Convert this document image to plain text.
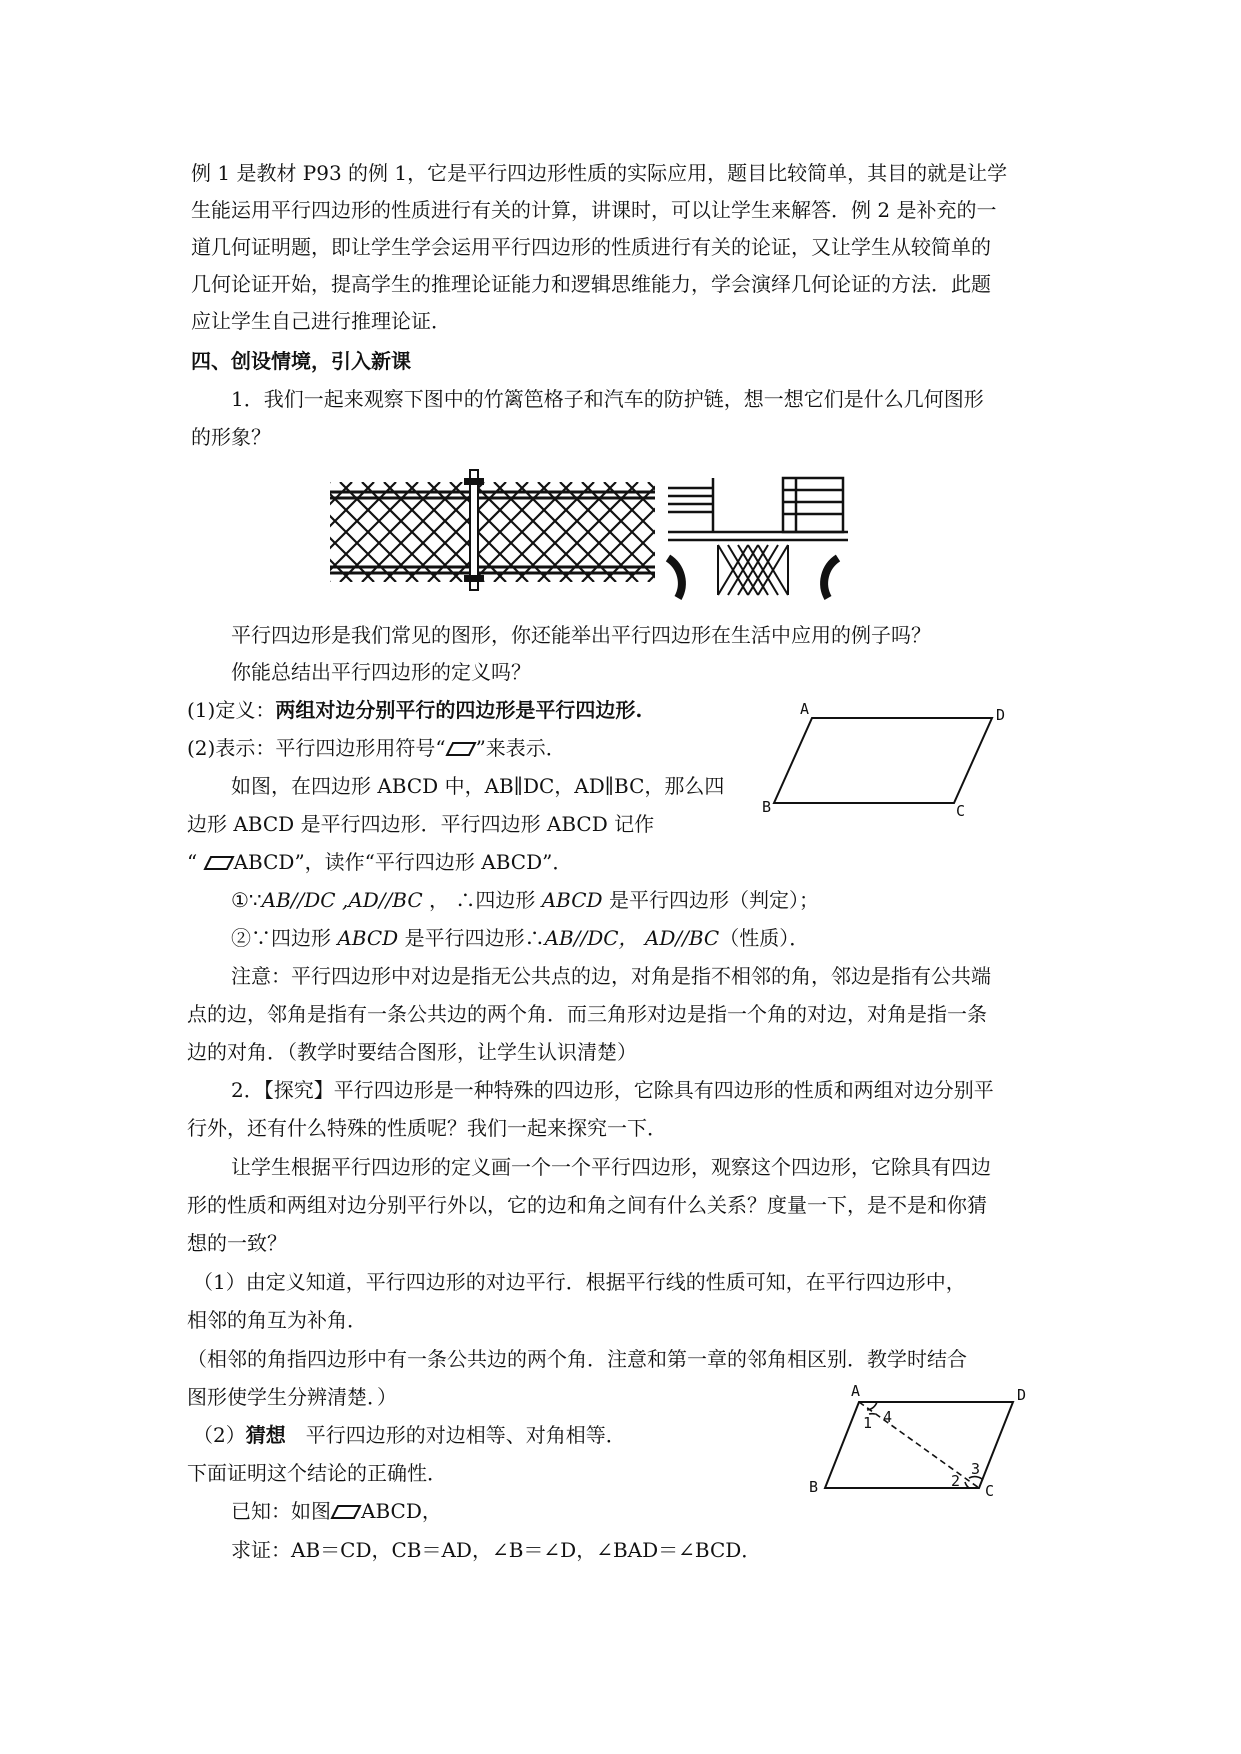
例 1 是教材 P93 的例 1，它是平行四边形性质的实际应用，题目比较简单，其目的就是让学
生能运用平行四边形的性质进行有关的计算，讲课时，可以让学生来解答．例 2 是补充的一
道几何证明题，即让学生学会运用平行四边形的性质进行有关的论证，又让学生从较简单的
几何论证开始，提高学生的推理论证能力和逻辑思维能力，学会演绎几何论证的方法．此题
应让学生自己进行推理论证．
四、创设情境，引入新课
1．我们一起来观察下图中的竹篱笆格子和汽车的防护链，想一想它们是什么几何图形
的形象？
平行四边形是我们常见的图形，你还能举出平行四边形在生活中应用的例子吗？
你能总结出平行四边形的定义吗？
(1)定义：两组对边分别平行的四边形是平行四边形.
(2)表示：平行四边形用符号“ ”来表示．
如图，在四边形 ABCD 中，AB∥DC，AD∥BC，那么四
边形 ABCD 是平行四边形．平行四边形 ABCD 记作
“ ABCD”，读作“平行四边形 ABCD”．
A	D
B	C
①∵AB//DC ,AD//BC ， ∴四边形 ABCD 是平行四边形（判定）；
②∵四边形 ABCD 是平行四边形∴AB//DC， AD//BC（性质）．
注意：平行四边形中对边是指无公共点的边，对角是指不相邻的角，邻边是指有公共端
点的边，邻角是指有一条公共边的两个角．而三角形对边是指一个角的对边，对角是指一条
边的对角．（教学时要结合图形，让学生认识清楚）
2．【探究】平行四边形是一种特殊的四边形，它除具有四边形的性质和两组对边分别平
行外，还有什么特殊的性质呢？我们一起来探究一下．
让学生根据平行四边形的定义画一个一个平行四边形，观察这个四边形，它除具有四边
形的性质和两组对边分别平行外以，它的边和角之间有什么关系？度量一下，是不是和你猜
想的一致？
（1）由定义知道，平行四边形的对边平行．根据平行线的性质可知，在平行四边形中，
相邻的角互为补角．
（相邻的角指四边形中有一条公共边的两个角．注意和第一章的邻角相区别．教学时结合
图形使学生分辨清楚．）
（2）猜想　平行四边形的对边相等、对角相等．
下面证明这个结论的正确性．
已知：如图 ABCD，
求证：AB＝CD，CB＝AD，∠B＝∠D，∠BAD＝∠BCD．
A	D
B	C
1 4
2
3
